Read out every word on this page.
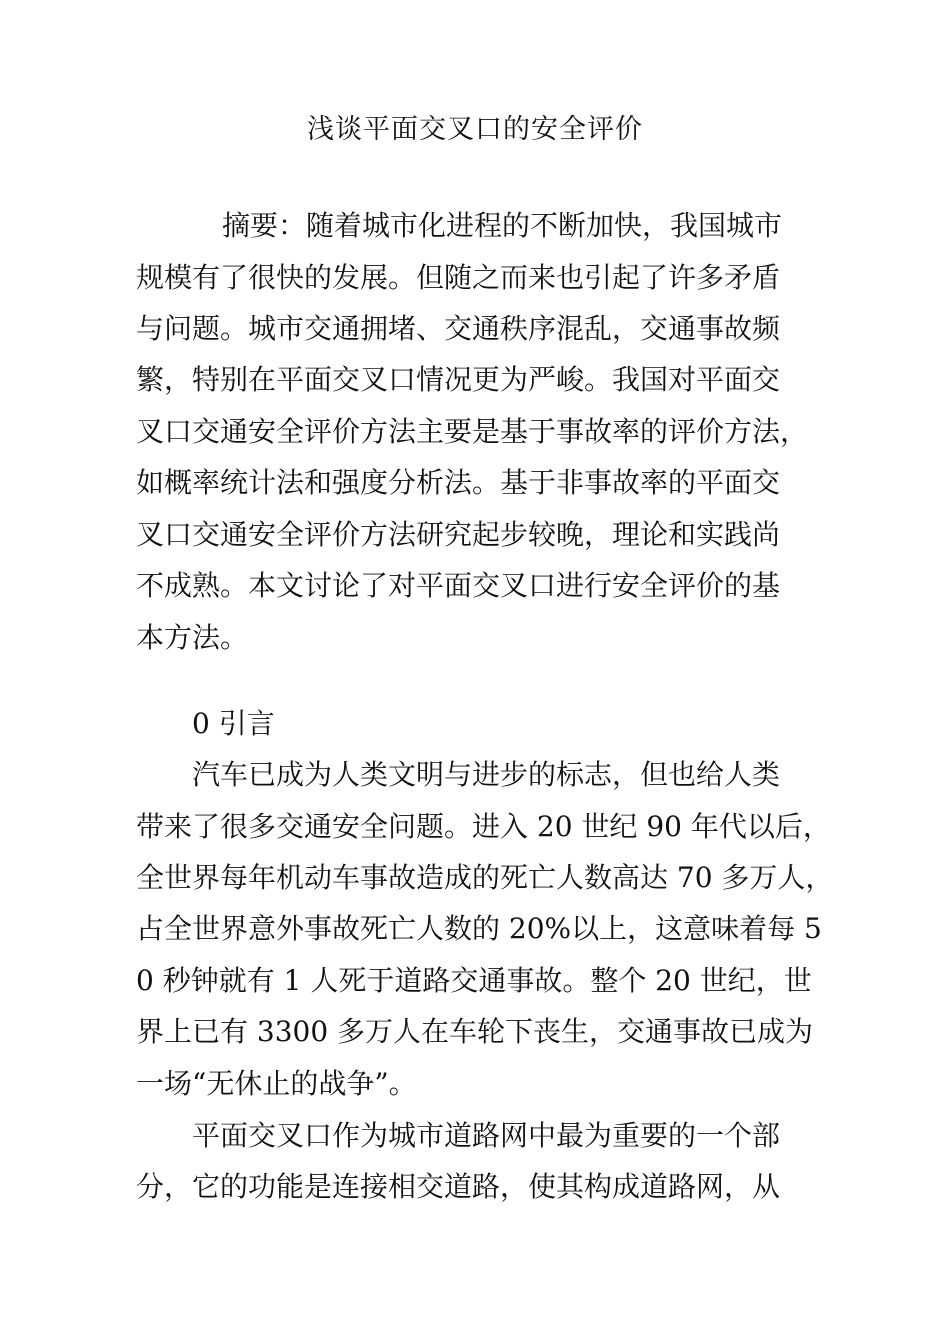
浅谈平面交叉口的安全评价
摘要：随着城市化进程的不断加快，我国城市
规模有了很快的发展。但随之而来也引起了许多矛盾
与问题。城市交通拥堵、交通秩序混乱，交通事故频
繁，特别在平面交叉口情况更为严峻。我国对平面交
叉口交通安全评价方法主要是基于事故率的评价方法，
如概率统计法和强度分析法。基于非事故率的平面交
叉口交通安全评价方法研究起步较晚，理论和实践尚
不成熟。本文讨论了对平面交叉口进行安全评价的基
本方法。
0 引言
汽车已成为人类文明与进步的标志，但也给人类
带来了很多交通安全问题。进入 20 世纪 90 年代以后，
全世界每年机动车事故造成的死亡人数高达 70 多万人，
占全世界意外事故死亡人数的 20%以上，这意味着每 5
0 秒钟就有 1 人死于道路交通事故。整个 20 世纪，世
界上已有 3300 多万人在车轮下丧生，交通事故已成为
一场“无休止的战争”。
平面交叉口作为城市道路网中最为重要的一个部
分，它的功能是连接相交道路，使其构成道路网，从
